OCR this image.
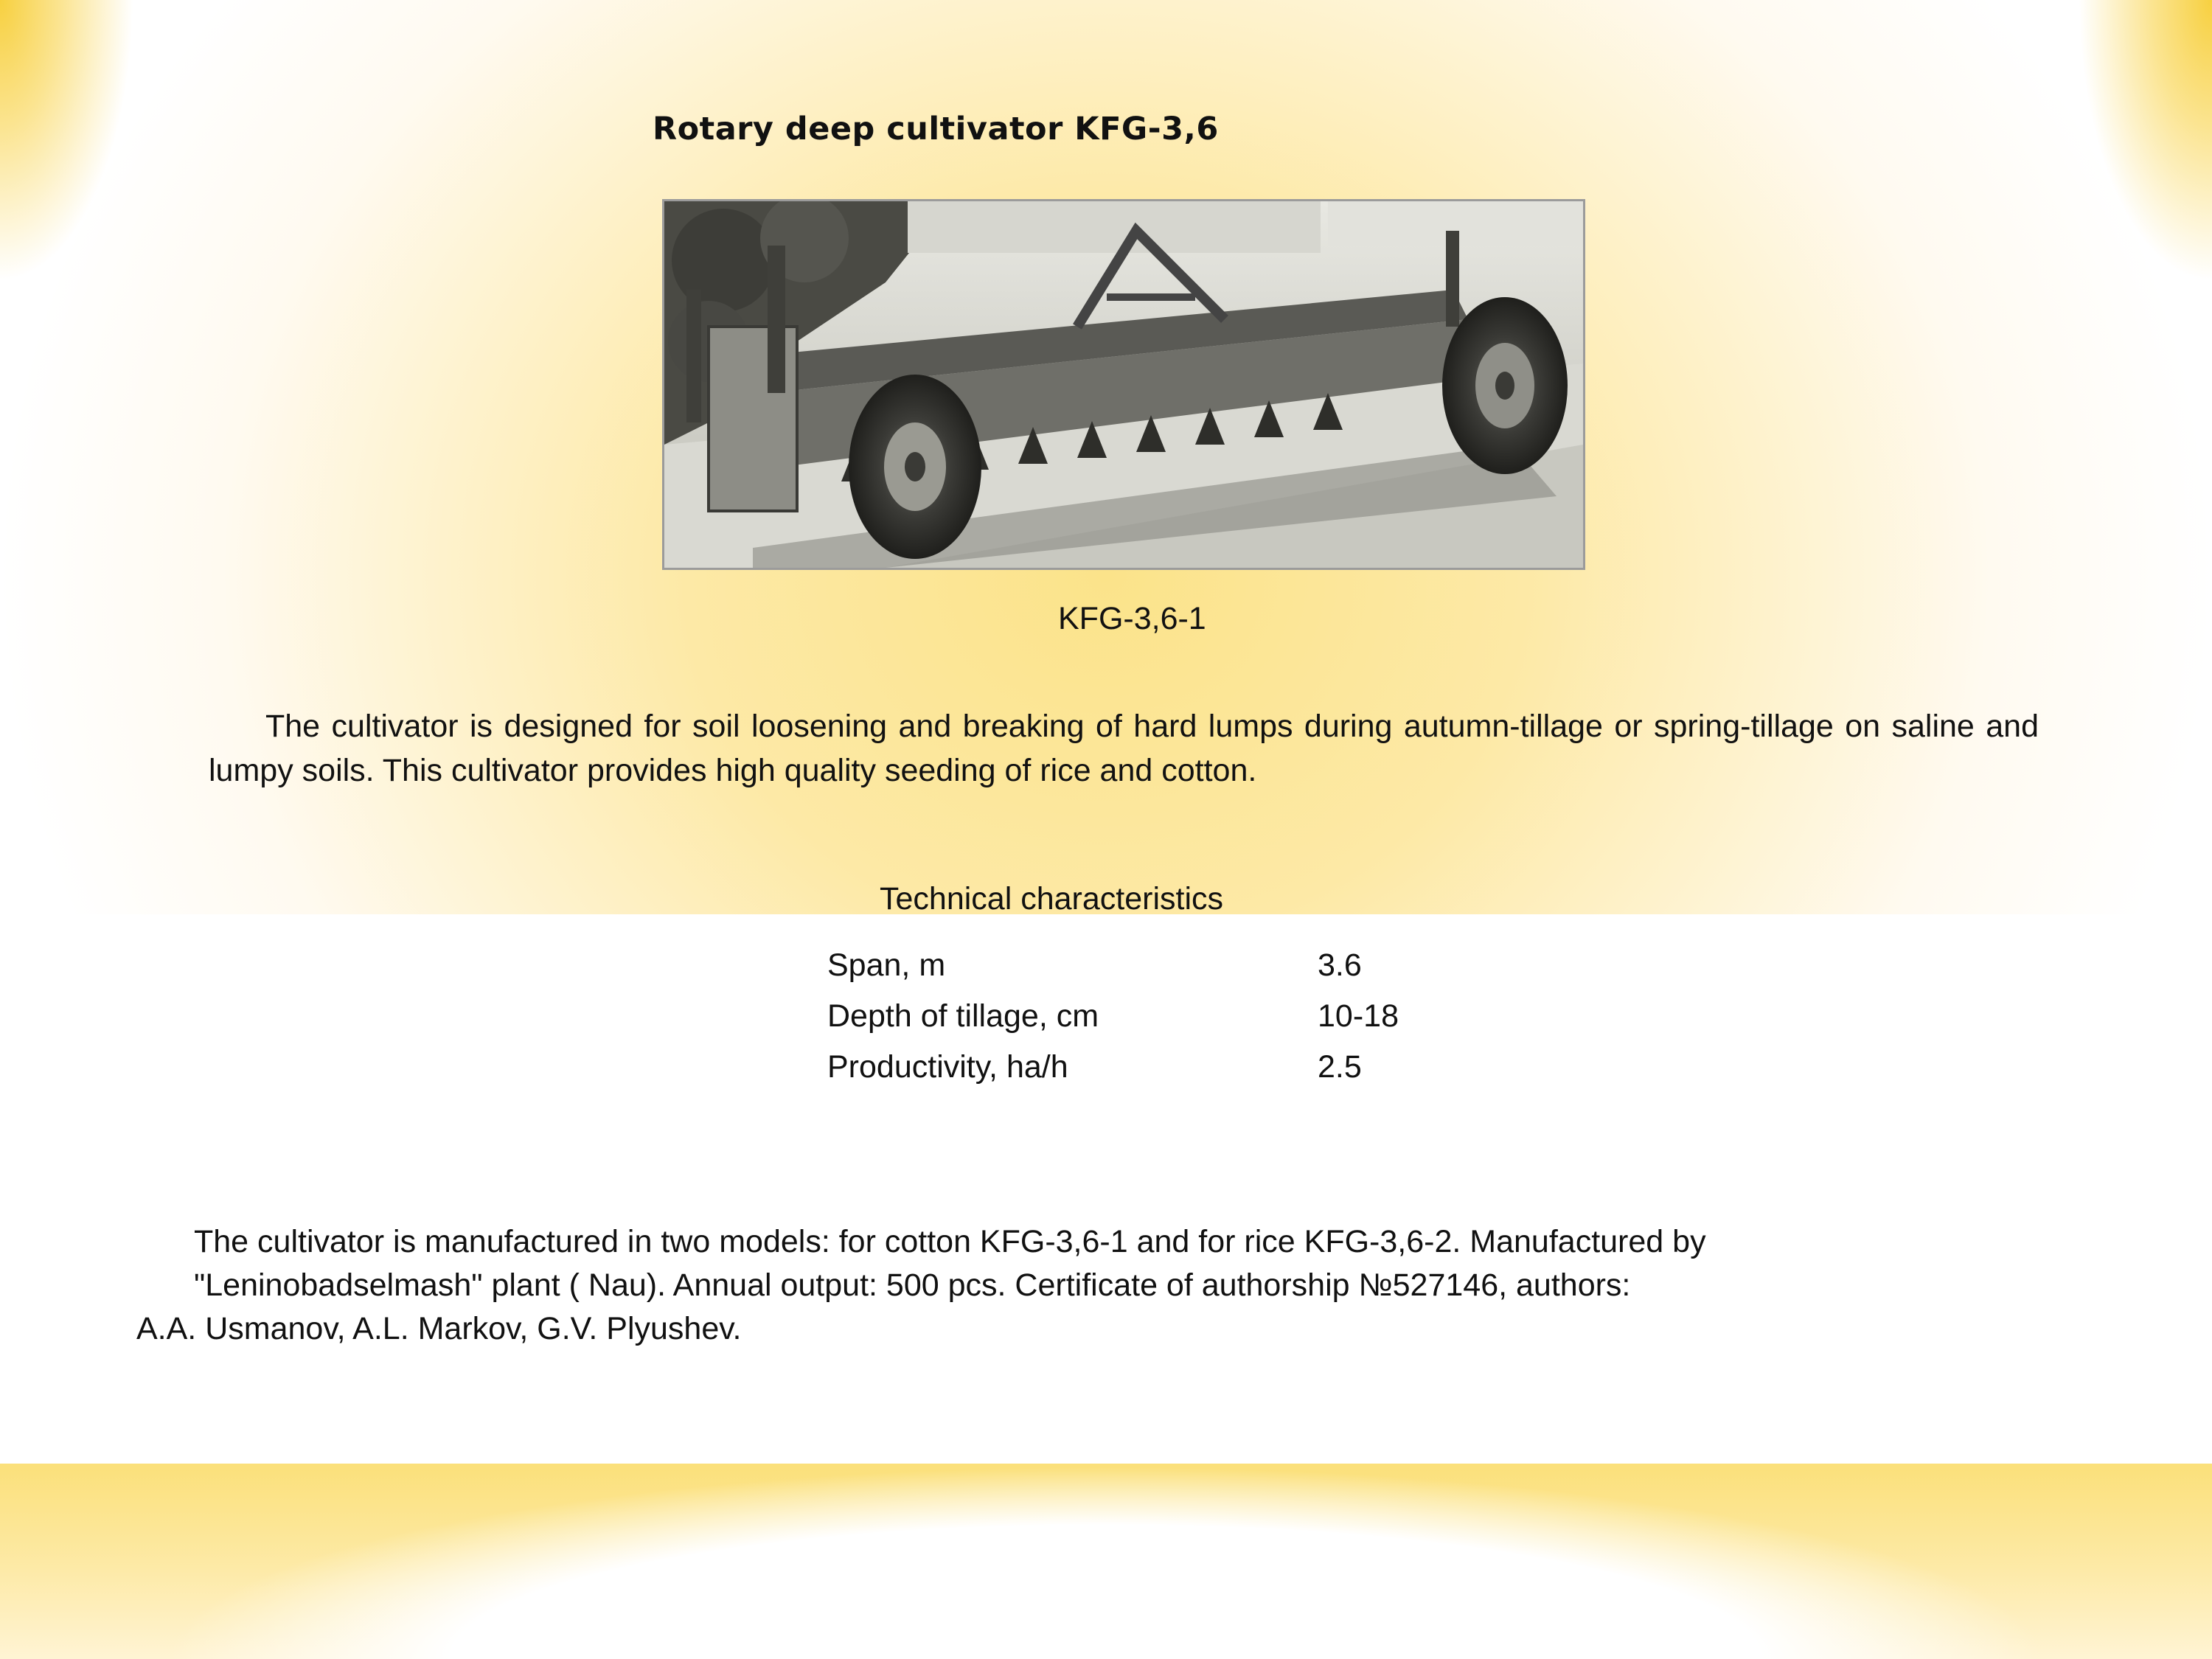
Rotary deep cultivator KFG-3,6
KFG-3,6-1
The cultivator is designed for soil loosening and breaking of hard lumps during autumn-tillage or spring-tillage on saline and lumpy soils. This cultivator provides high quality seeding of rice and cotton.
Technical characteristics
Span, m	3.6
Depth of tillage, cm	10-18
Productivity, ha/h	2.5
The cultivator is manufactured in two models: for cotton KFG-3,6-1 and for rice KFG-3,6-2. Manufactured by
"Leninobadselmash" plant ( Nau). Annual output: 500 pcs. Certificate of authorship №527146, authors:
A.A. Usmanov, A.L. Markov, G.V. Plyushev.
